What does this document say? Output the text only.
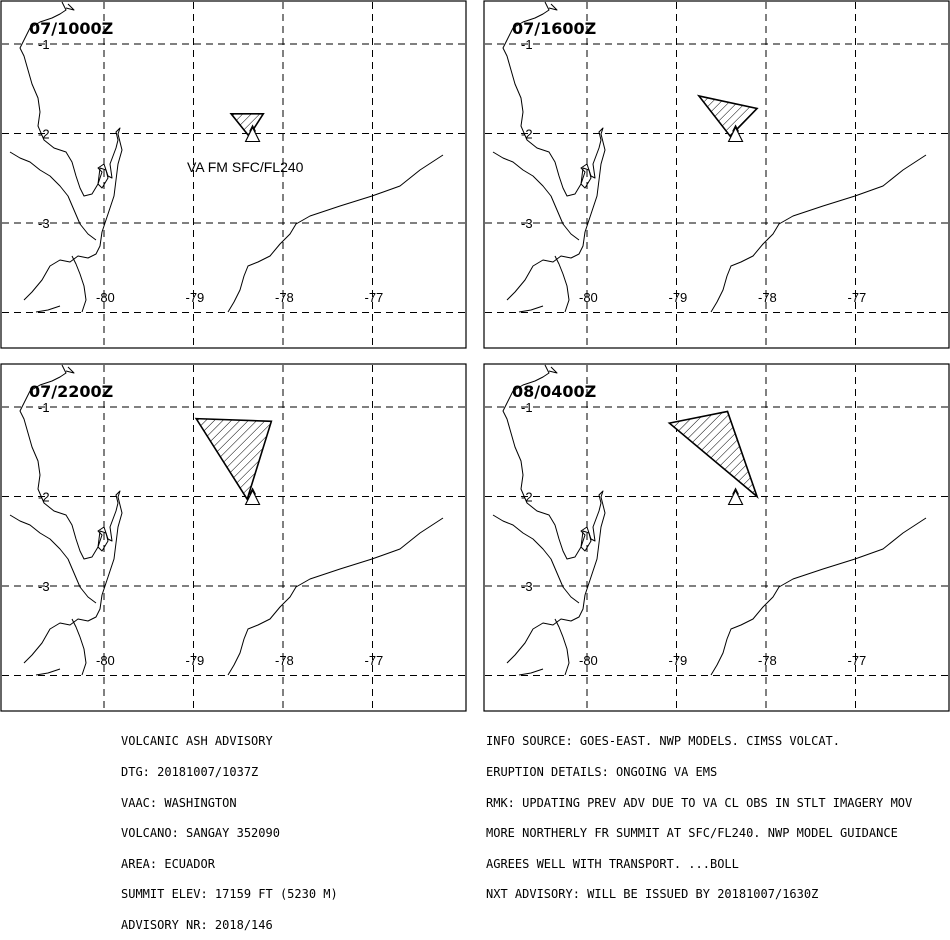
-80	-79	-78	-77
-1
-2
-3
07/1000Z
VA FM SFC/FL240
-80	-79	-78	-77
-1
-2
-3
07/1600Z
-80	-79	-78	-77
-1
-2
-3
07/2200Z
-80	-79	-78	-77
-1
-2
-3
08/0400Z

VOLCANIC ASH ADVISORY

DTG: 20181007/1037Z

VAAC: WASHINGTON

VOLCANO: SANGAY 352090

AREA: ECUADOR

SUMMIT ELEV: 17159 FT (5230 M)

ADVISORY NR: 2018/146

INFO SOURCE: GOES-EAST. NWP MODELS. CIMSS VOLCAT.

ERUPTION DETAILS: ONGOING VA EMS

RMK: UPDATING PREV ADV DUE TO VA CL OBS IN STLT IMAGERY MOV

MORE NORTHERLY FR SUMMIT AT SFC/FL240. NWP MODEL GUIDANCE

AGREES WELL WITH TRANSPORT. ...BOLL

NXT ADVISORY: WILL BE ISSUED BY 20181007/1630Z
